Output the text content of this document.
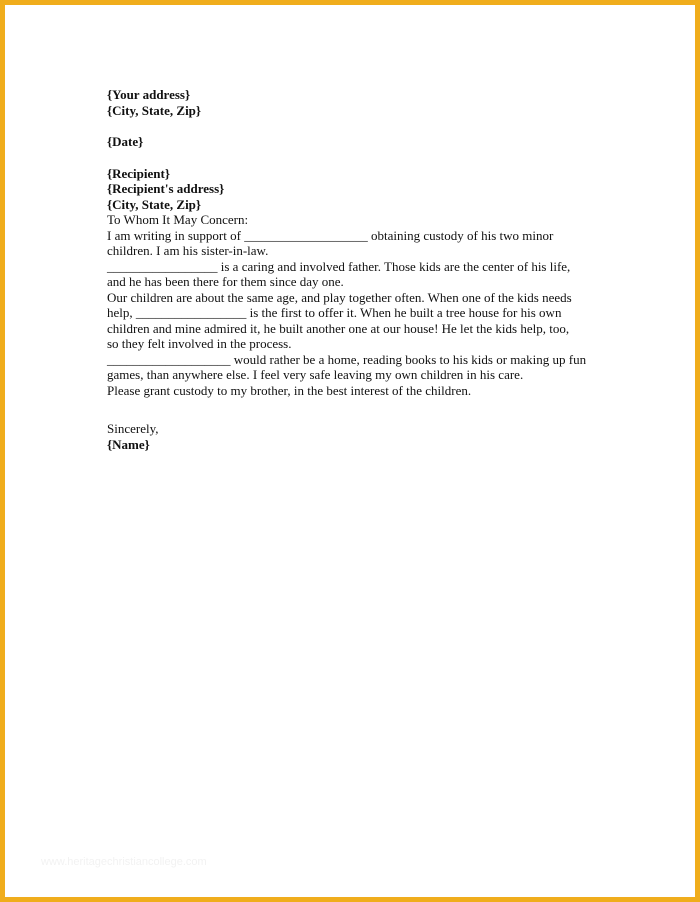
{Your address}
{City, State, Zip}
{Date}
{Recipient}
{Recipient's address}
{City, State, Zip}
To Whom It May Concern:
I am writing in support of ___________________ obtaining custody of his two minor
children. I am his sister-in-law.
_________________ is a caring and involved father. Those kids are the center of his life,
and he has been there for them since day one.
Our children are about the same age, and play together often. When one of the kids needs
help, _________________ is the first to offer it. When he built a tree house for his own
children and mine admired it, he built another one at our house! He let the kids help, too,
so they felt involved in the process.
___________________ would rather be a home, reading books to his kids or making up fun
games, than anywhere else. I feel very safe leaving my own children in his care.
Please grant custody to my brother, in the best interest of the children.
Sincerely,
{Name}
www.heritagechristiancollege.com
